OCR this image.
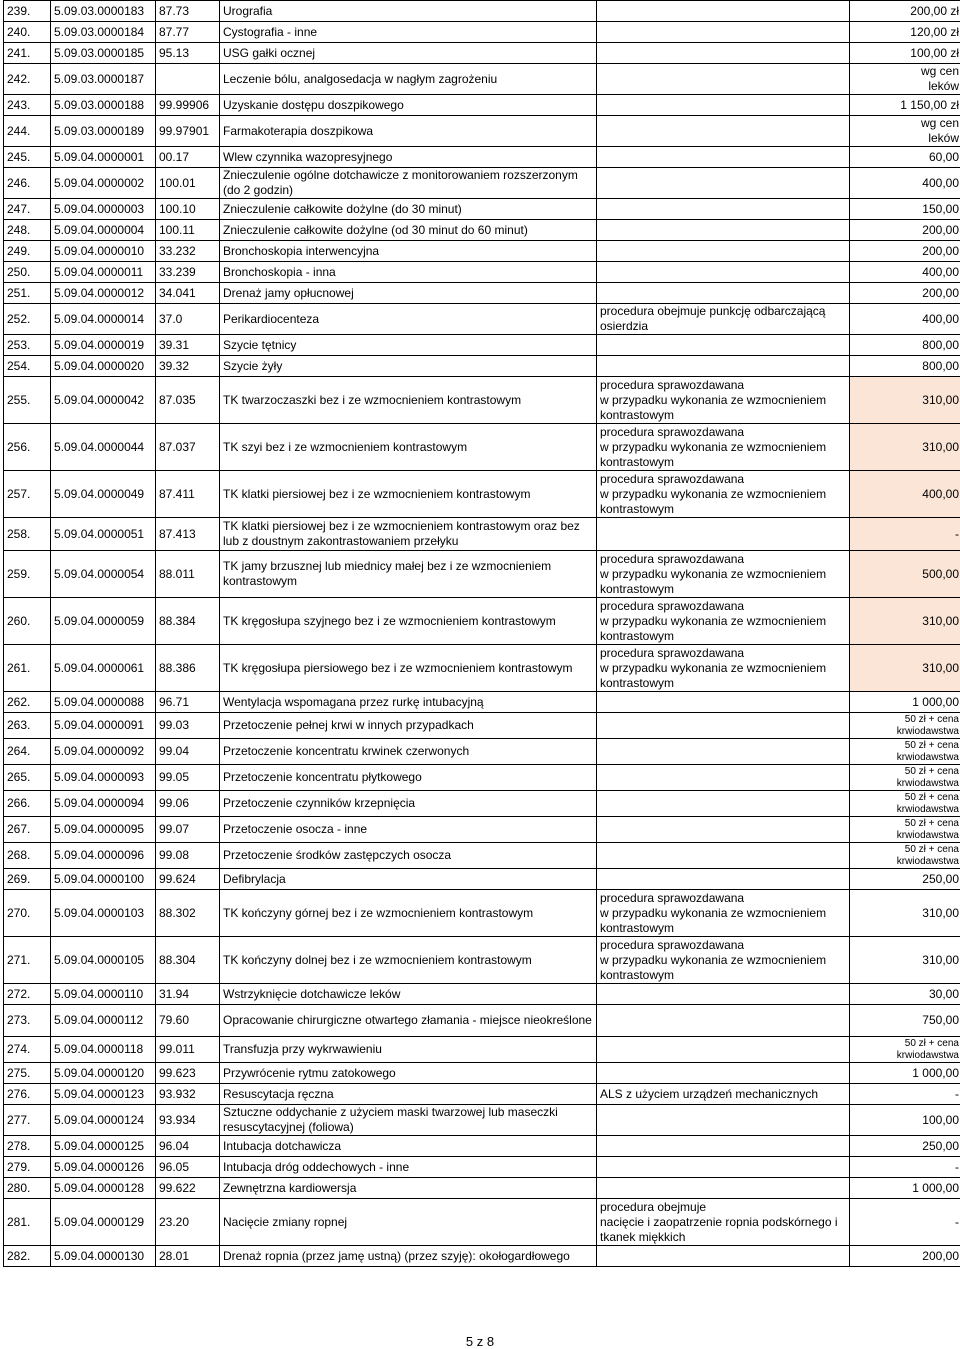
239.	5.09.03.0000183	87.73	Urografia		200,00 zł
240.	5.09.03.0000184	87.77	Cystografia - inne		120,00 zł
241.	5.09.03.0000185	95.13	USG gałki ocznej		100,00 zł
242.	5.09.03.0000187		Leczenie bólu, analgosedacja w nagłym zagrożeniu		wg cen
leków
243.	5.09.03.0000188	99.99906	Uzyskanie dostępu doszpikowego		1 150,00 zł
244.	5.09.03.0000189	99.97901	Farmakoterapia doszpikowa		wg cen
leków
245.	5.09.04.0000001	00.17	Wlew czynnika wazopresyjnego		60,00
246.	5.09.04.0000002	100.01	Znieczulenie ogólne dotchawicze z monitorowaniem rozszerzonym (do 2 godzin)		400,00
247.	5.09.04.0000003	100.10	Znieczulenie całkowite dożylne (do 30 minut)		150,00
248.	5.09.04.0000004	100.11	Znieczulenie całkowite dożylne (od 30 minut do 60 minut)		200,00
249.	5.09.04.0000010	33.232	Bronchoskopia interwencyjna		200,00
250.	5.09.04.0000011	33.239	Bronchoskopia - inna		400,00
251.	5.09.04.0000012	34.041	Drenaż jamy opłucnowej		200,00
252.	5.09.04.0000014	37.0	Perikardiocenteza	procedura obejmuje punkcję odbarczającą osierdzia	400,00
253.	5.09.04.0000019	39.31	Szycie tętnicy		800,00
254.	5.09.04.0000020	39.32	Szycie żyły		800,00
255.	5.09.04.0000042	87.035	TK twarzoczaszki bez i ze wzmocnieniem kontrastowym	procedura sprawozdawana
w przypadku wykonania ze wzmocnieniem kontrastowym	310,00
256.	5.09.04.0000044	87.037	TK szyi bez i ze wzmocnieniem kontrastowym	procedura sprawozdawana
w przypadku wykonania ze wzmocnieniem kontrastowym	310,00
257.	5.09.04.0000049	87.411	TK klatki piersiowej bez i ze wzmocnieniem kontrastowym	procedura sprawozdawana
w przypadku wykonania ze wzmocnieniem kontrastowym	400,00
258.	5.09.04.0000051	87.413	TK klatki piersiowej bez i ze wzmocnieniem kontrastowym oraz bez lub z doustnym zakontrastowaniem przełyku		-
259.	5.09.04.0000054	88.011	TK jamy brzusznej lub miednicy małej bez i ze wzmocnieniem kontrastowym	procedura sprawozdawana
w przypadku wykonania ze wzmocnieniem kontrastowym	500,00
260.	5.09.04.0000059	88.384	TK kręgosłupa szyjnego bez i ze wzmocnieniem kontrastowym	procedura sprawozdawana
w przypadku wykonania ze wzmocnieniem kontrastowym	310,00
261.	5.09.04.0000061	88.386	TK kręgosłupa piersiowego bez i ze wzmocnieniem kontrastowym	procedura sprawozdawana
w przypadku wykonania ze wzmocnieniem kontrastowym	310,00
262.	5.09.04.0000088	96.71	Wentylacja wspomagana przez rurkę intubacyjną		1 000,00
263.	5.09.04.0000091	99.03	Przetoczenie pełnej krwi w innych przypadkach		50 zł + cena
krwiodawstwa
264.	5.09.04.0000092	99.04	Przetoczenie koncentratu krwinek czerwonych		50 zł + cena
krwiodawstwa
265.	5.09.04.0000093	99.05	Przetoczenie koncentratu płytkowego		50 zł + cena
krwiodawstwa
266.	5.09.04.0000094	99.06	Przetoczenie czynników krzepnięcia		50 zł + cena
krwiodawstwa
267.	5.09.04.0000095	99.07	Przetoczenie osocza - inne		50 zł + cena
krwiodawstwa
268.	5.09.04.0000096	99.08	Przetoczenie środków zastępczych osocza		50 zł + cena
krwiodawstwa
269.	5.09.04.0000100	99.624	Defibrylacja		250,00
270.	5.09.04.0000103	88.302	TK kończyny górnej bez i ze wzmocnieniem kontrastowym	procedura sprawozdawana
w przypadku wykonania ze wzmocnieniem kontrastowym	310,00
271.	5.09.04.0000105	88.304	TK kończyny dolnej bez i ze wzmocnieniem kontrastowym	procedura sprawozdawana
w przypadku wykonania ze wzmocnieniem kontrastowym	310,00
272.	5.09.04.0000110	31.94	Wstrzyknięcie dotchawicze leków		30,00
273.	5.09.04.0000112	79.60	Opracowanie chirurgiczne otwartego złamania - miejsce nieokreślone		750,00
274.	5.09.04.0000118	99.011	Transfuzja przy wykrwawieniu		50 zł + cena
krwiodawstwa
275.	5.09.04.0000120	99.623	Przywrócenie rytmu zatokowego		1 000,00
276.	5.09.04.0000123	93.932	Resuscytacja ręczna	ALS z użyciem urządzeń mechanicznych	-
277.	5.09.04.0000124	93.934	Sztuczne oddychanie z użyciem maski twarzowej lub maseczki resuscytacyjnej (foliowa)		100,00
278.	5.09.04.0000125	96.04	Intubacja dotchawicza		250,00
279.	5.09.04.0000126	96.05	Intubacja dróg oddechowych - inne		-
280.	5.09.04.0000128	99.622	Zewnętrzna kardiowersja		1 000,00
281.	5.09.04.0000129	23.20	Nacięcie zmiany ropnej	procedura obejmuje
nacięcie i zaopatrzenie ropnia podskórnego i tkanek miękkich	-
282.	5.09.04.0000130	28.01	Drenaż ropnia (przez jamę ustną) (przez szyję): okołogardłowego		200,00
5 z 8
